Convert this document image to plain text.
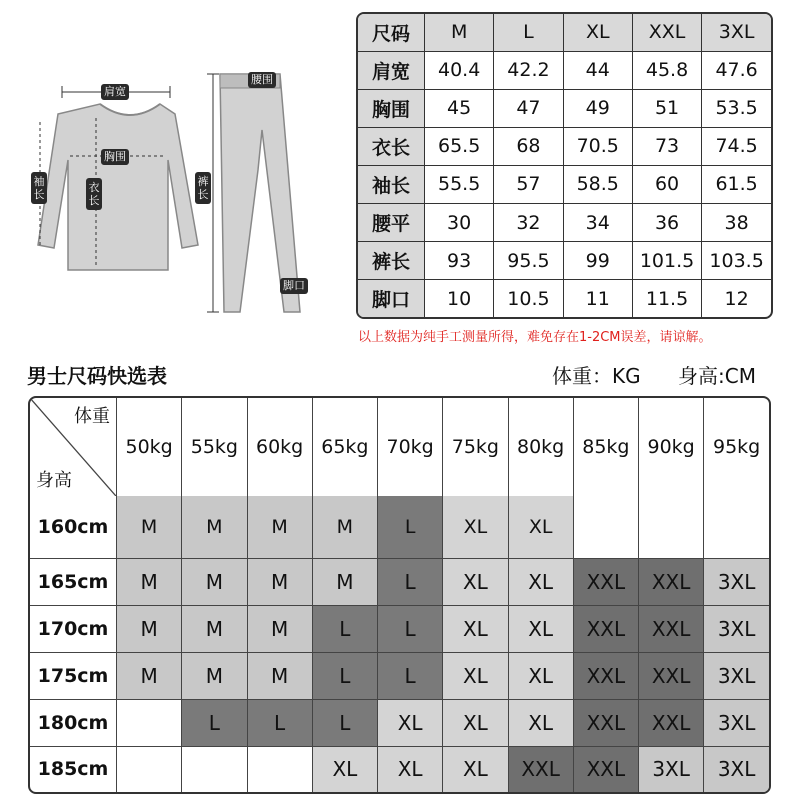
肩宽
胸围
袖长
衣长
腰围
裤长
脚口
尺码	M	L	XL	XXL	3XL
肩宽	40.4	42.2	44	45.8	47.6
胸围	45	47	49	51	53.5
衣长	65.5	68	70.5	73	74.5
袖长	55.5	57	58.5	60	61.5
腰平	30	32	34	36	38
裤长	93	95.5	99	101.5	103.5
脚口	10	10.5	11	11.5	12
以上数据为纯手工测量所得，难免存在1-2CM误差，请谅解。
男士尺码快选表	体重：KG 身高:CM
体重
身高	50kg	55kg	60kg	65kg	70kg	75kg	80kg	85kg	90kg	95kg
160cm	M	M	M	M	L	XL	XL			
165cm	M	M	M	M	L	XL	XL	XXL	XXL	3XL
170cm	M	M	M	L	L	XL	XL	XXL	XXL	3XL
175cm	M	M	M	L	L	XL	XL	XXL	XXL	3XL
180cm		L	L	L	XL	XL	XL	XXL	XXL	3XL
185cm				XL	XL	XL	XXL	XXL	3XL	3XL
